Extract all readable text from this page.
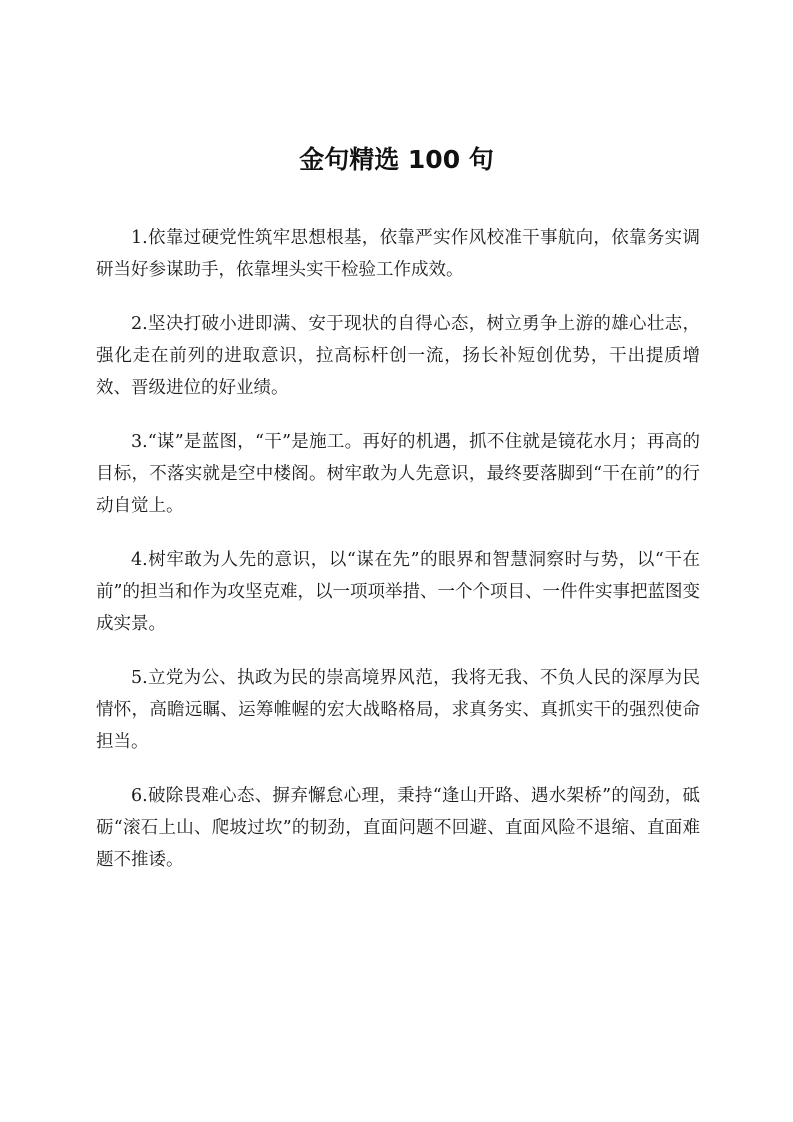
金句精选 100 句

1.依靠过硬党性筑牢思想根基，依靠严实作风校准干事航向，依靠务实调研当好参谋助手，依靠埋头实干检验工作成效。

2.坚决打破小进即满、安于现状的自得心态，树立勇争上游的雄心壮志，强化走在前列的进取意识，拉高标杆创一流，扬长补短创优势，干出提质增效、晋级进位的好业绩。

3.“谋”是蓝图，“干”是施工。再好的机遇，抓不住就是镜花水月；再高的目标，不落实就是空中楼阁。树牢敢为人先意识，最终要落脚到“干在前”的行动自觉上。

4.树牢敢为人先的意识，以“谋在先”的眼界和智慧洞察时与势，以“干在前”的担当和作为攻坚克难，以一项项举措、一个个项目、一件件实事把蓝图变成实景。

5.立党为公、执政为民的崇高境界风范，我将无我、不负人民的深厚为民情怀，高瞻远瞩、运筹帷幄的宏大战略格局，求真务实、真抓实干的强烈使命担当。

6.破除畏难心态、摒弃懈怠心理，秉持“逢山开路、遇水架桥”的闯劲，砥砺“滚石上山、爬坡过坎”的韧劲，直面问题不回避、直面风险不退缩、直面难题不推诿。
